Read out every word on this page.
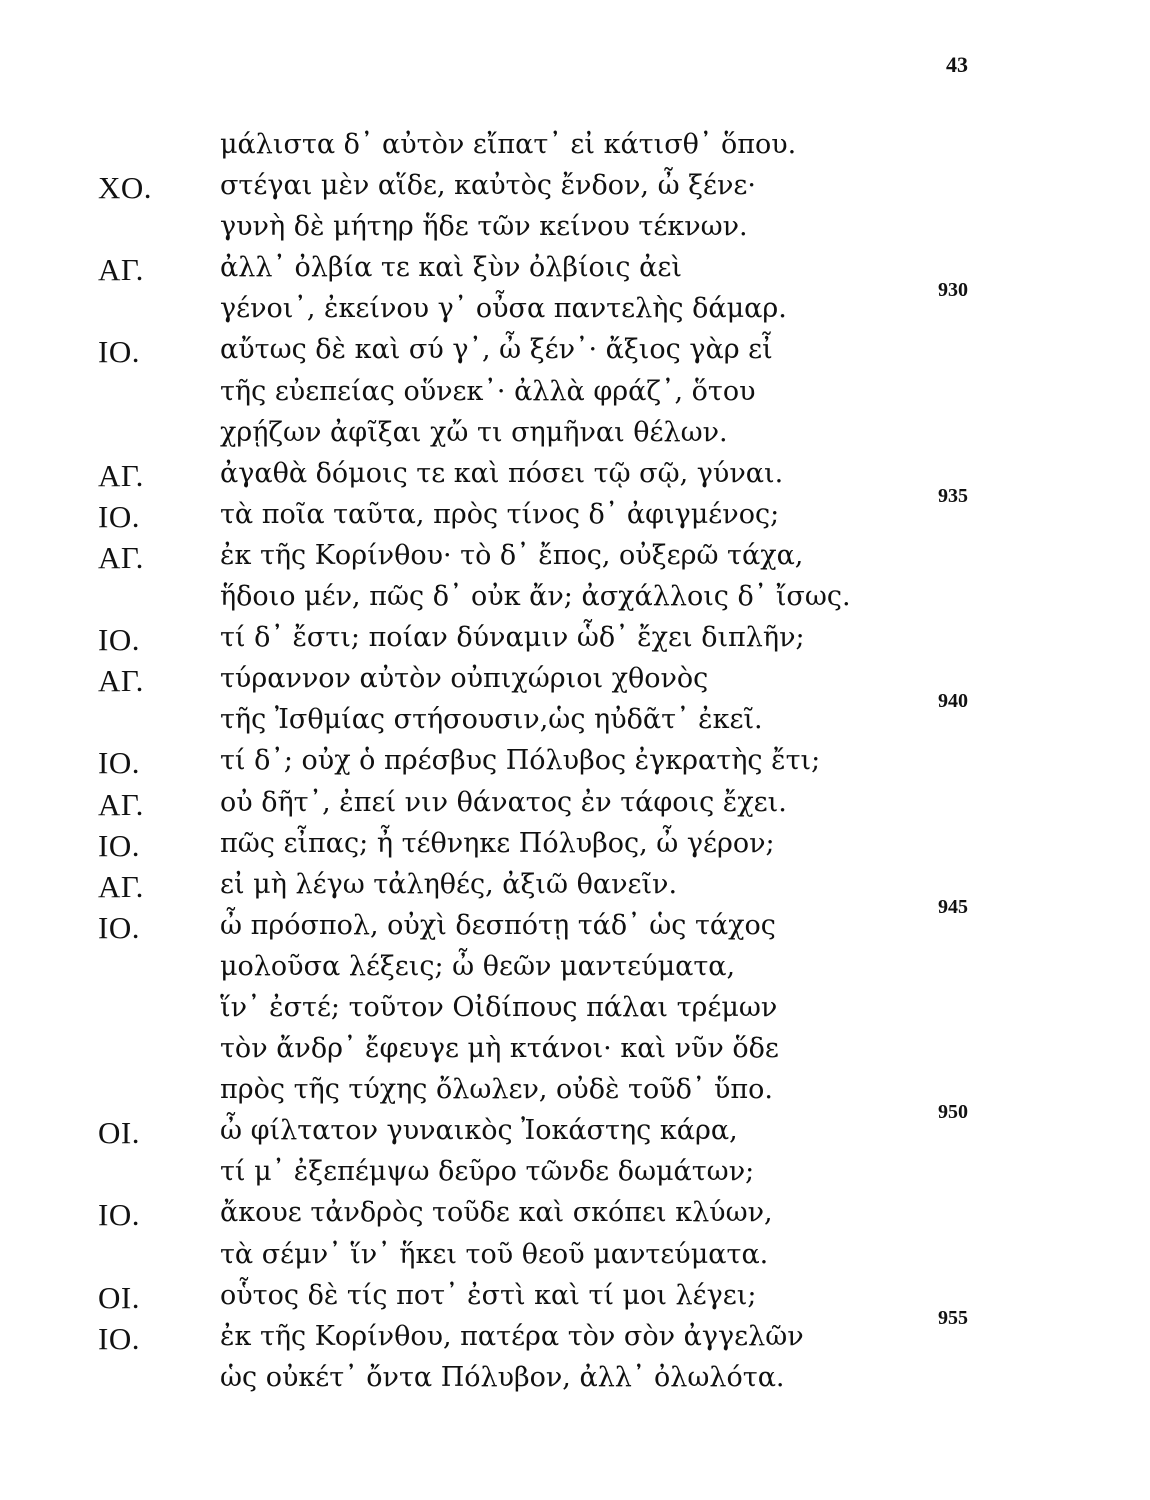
43
μάλιστα δ᾽ αὐτὸν εἴπατ᾽ εἰ κάτισθ᾽ ὅπου.
ΧΟ.	στέγαι μὲν αἵδε, καὐτὸς ἔνδον, ὦ ξένε·
γυνὴ δὲ μήτηρ ἥδε τῶν κείνου τέκνων.
ΑΓ.	ἀλλ᾽ ὀλβία τε καὶ ξὺν ὀλβίοις ἀεὶ
γένοι᾽, ἐκείνου γ᾽ οὖσα παντελὴς δάμαρ.
930
ΙΟ.	αὔτως δὲ καὶ σύ γ᾽, ὦ ξέν᾽· ἄξιος γὰρ εἶ
τῆς εὐεπείας οὕνεκ᾽· ἀλλὰ φράζ᾽, ὅτου
χρῄζων ἀφῖξαι χὤ τι σημῆναι θέλων.
ΑΓ.	ἀγαθὰ δόμοις τε καὶ πόσει τῷ σῷ, γύναι.
ΙΟ.	τὰ ποῖα ταῦτα, πρὸς τίνος δ᾽ ἀφιγμένος;
935
ΑΓ.	ἐκ τῆς Κορίνθου· τὸ δ᾽ ἔπος, οὐξερῶ τάχα,
ἥδοιο μέν, πῶς δ᾽ οὐκ ἄν; ἀσχάλλοις δ᾽ ἴσως.
ΙΟ.	τί δ᾽ ἔστι; ποίαν δύναμιν ὧδ᾽ ἔχει διπλῆν;
ΑΓ.	τύραννον αὐτὸν οὐπιχώριοι χθονὸς
τῆς Ἰσθμίας στήσουσιν,ὡς ηὐδᾶτ᾽ ἐκεῖ.
940
ΙΟ.	τί δ᾽; οὐχ ὁ πρέσβυς Πόλυβος ἐγκρατὴς ἔτι;
ΑΓ.	οὐ δῆτ᾽, ἐπεί νιν θάνατος ἐν τάφοις ἔχει.
ΙΟ.	πῶς εἶπας; ἦ τέθνηκε Πόλυβος, ὦ γέρον;
ΑΓ.	εἰ μὴ λέγω τἀληθές, ἀξιῶ θανεῖν.
ΙΟ.	ὦ πρόσπολ, οὐχὶ δεσπότῃ τάδ᾽ ὡς τάχος
945
μολοῦσα λέξεις; ὦ θεῶν μαντεύματα,
ἵν᾽ ἐστέ; τοῦτον Οἰδίπους πάλαι τρέμων
τὸν ἄνδρ᾽ ἔφευγε μὴ κτάνοι· καὶ νῦν ὅδε
πρὸς τῆς τύχης ὄλωλεν, οὐδὲ τοῦδ᾽ ὕπο.
ΟΙ.	ὦ φίλτατον γυναικὸς Ἰοκάστης κάρα,
950
τί μ᾽ ἐξεπέμψω δεῦρο τῶνδε δωμάτων;
ΙΟ.	ἄκουε τἀνδρὸς τοῦδε καὶ σκόπει κλύων,
τὰ σέμν᾽ ἵν᾽ ἥκει τοῦ θεοῦ μαντεύματα.
ΟΙ.	οὗτος δὲ τίς ποτ᾽ ἐστὶ καὶ τί μοι λέγει;
ΙΟ.	ἐκ τῆς Κορίνθου, πατέρα τὸν σὸν ἀγγελῶν
955
ὡς οὐκέτ᾽ ὄντα Πόλυβον, ἀλλ᾽ ὀλωλότα.
